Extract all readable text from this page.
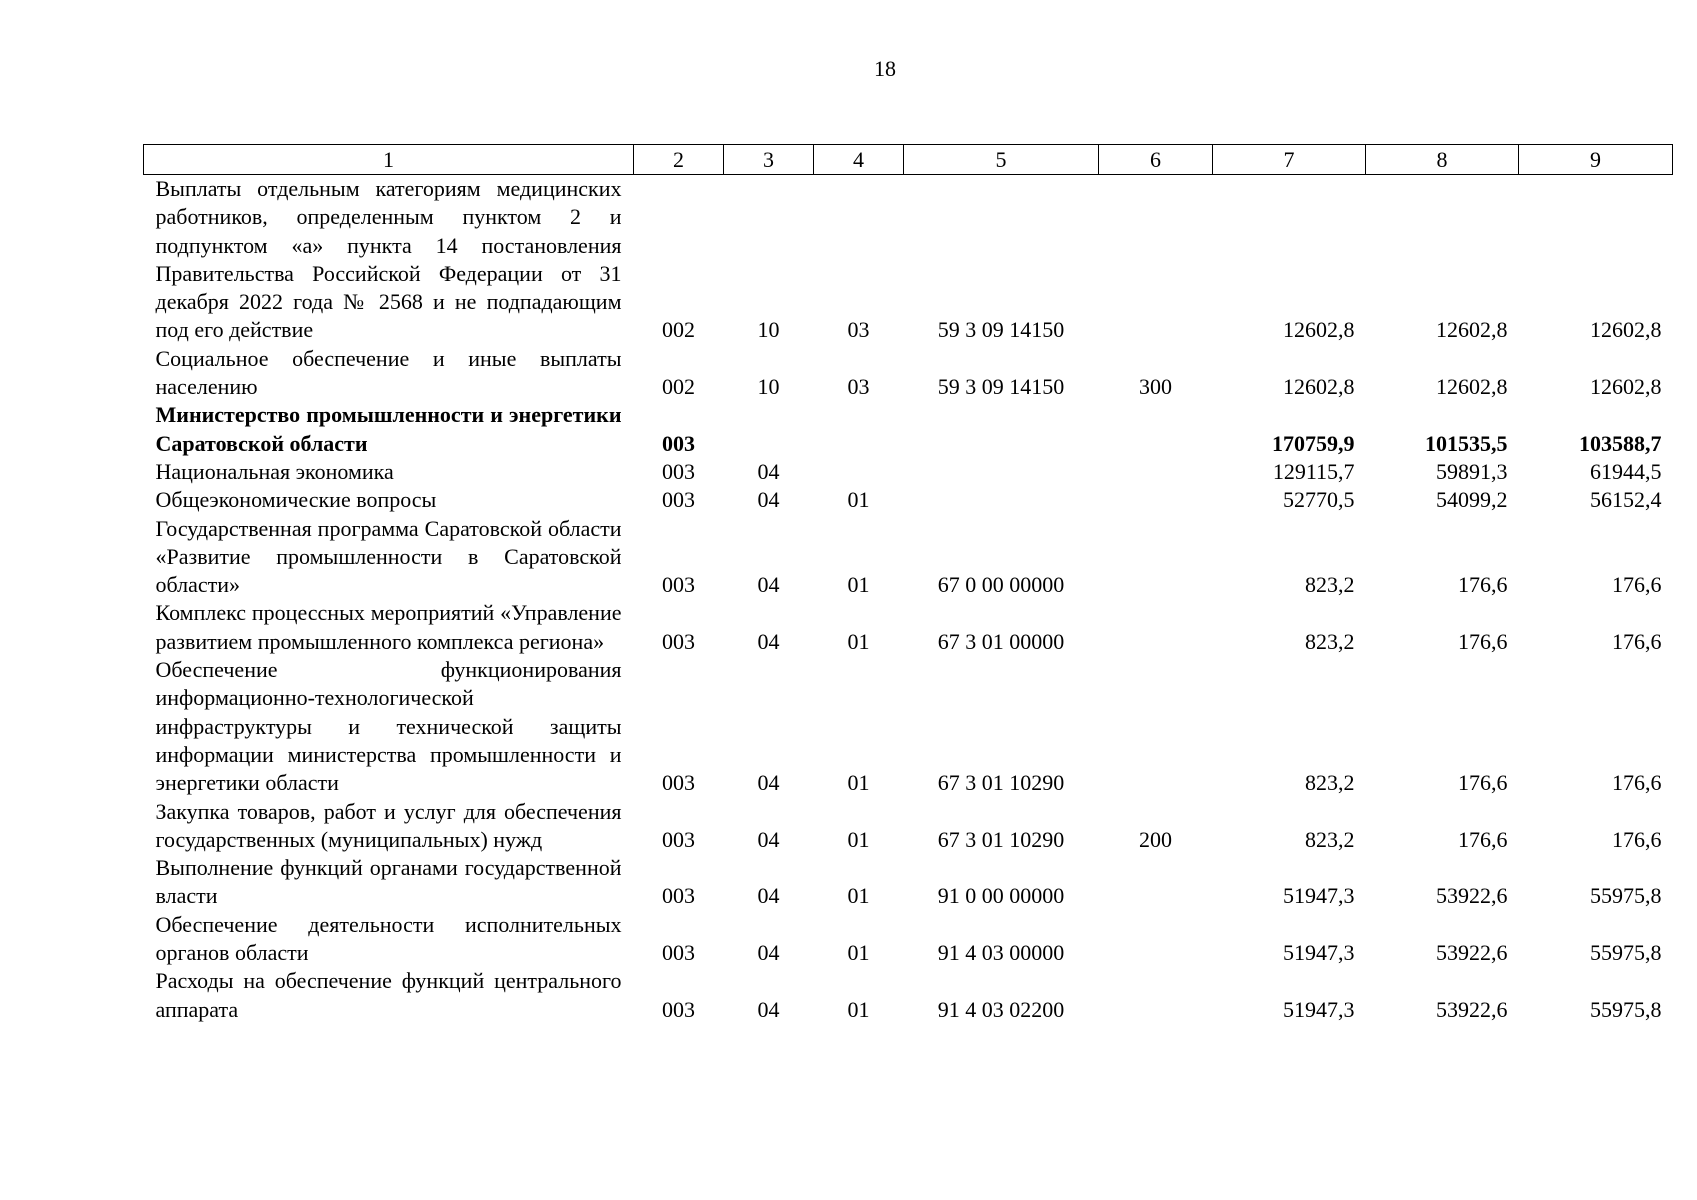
18
1	2	3	4	5	6	7	8	9
Выплаты отдельным категориям медицинских работников, определенным пунктом 2 и подпунктом «а» пункта 14 постановления Правительства Российской Федерации от 31 декабря 2022 года № 2568 и не подпадающим под его действие	002	10	03	59 3 09 14150		12602,8	12602,8	12602,8
Социальное обеспечение и иные выплаты населению	002	10	03	59 3 09 14150	300	12602,8	12602,8	12602,8
Министерство промышленности и энергетики Саратовской области	003					170759,9	101535,5	103588,7
Национальная экономика	003	04				129115,7	59891,3	61944,5
Общеэкономические вопросы	003	04	01			52770,5	54099,2	56152,4
Государственная программа Саратовской области «Развитие промышленности в Саратовской области»	003	04	01	67 0 00 00000		823,2	176,6	176,6
Комплекс процессных мероприятий «Управление развитием промышленного комплекса региона»	003	04	01	67 3 01 00000		823,2	176,6	176,6
Обеспечение функционирования информационно-технологической инфраструктуры и технической защиты информации министерства промышленности и энергетики области	003	04	01	67 3 01 10290		823,2	176,6	176,6
Закупка товаров, работ и услуг для обеспечения государственных (муниципальных) нужд	003	04	01	67 3 01 10290	200	823,2	176,6	176,6
Выполнение функций органами государственной власти	003	04	01	91 0 00 00000		51947,3	53922,6	55975,8
Обеспечение деятельности исполнительных органов области	003	04	01	91 4 03 00000		51947,3	53922,6	55975,8
Расходы на обеспечение функций центрального аппарата	003	04	01	91 4 03 02200		51947,3	53922,6	55975,8
